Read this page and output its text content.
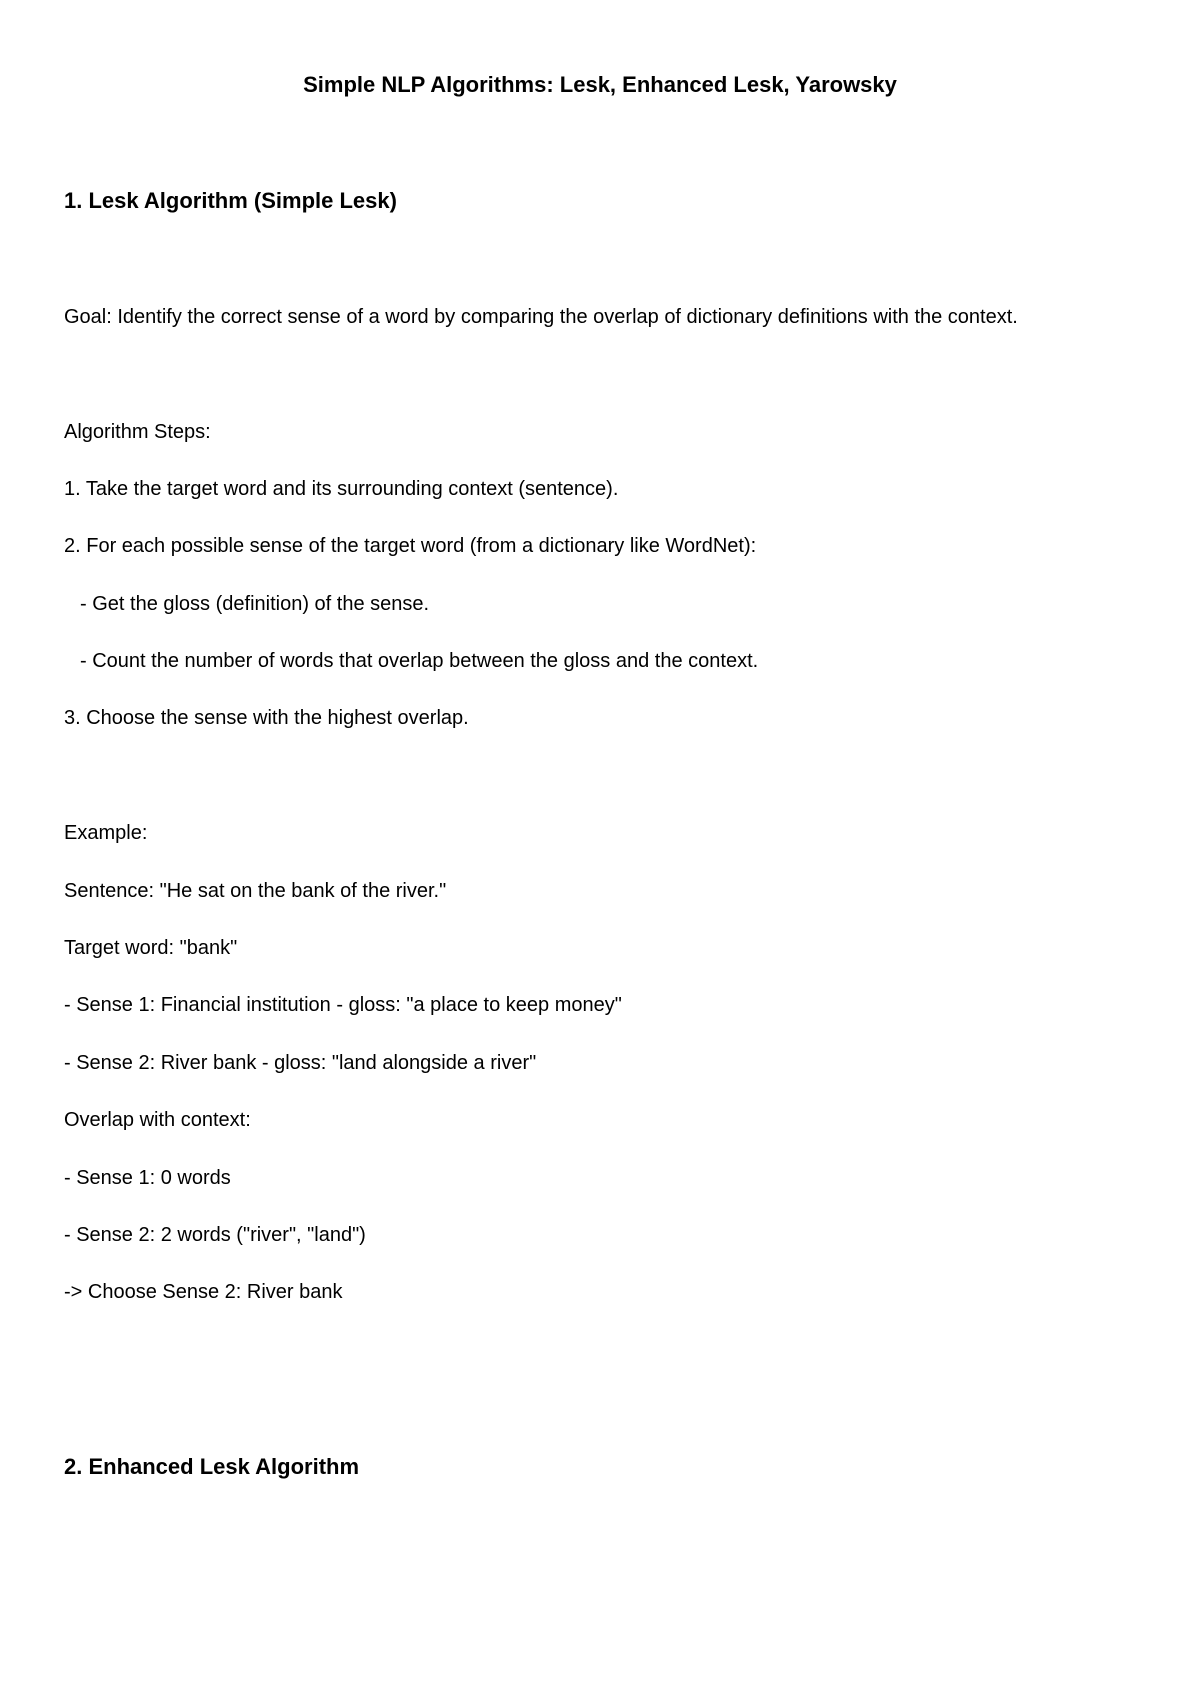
Simple NLP Algorithms: Lesk, Enhanced Lesk, Yarowsky
1. Lesk Algorithm (Simple Lesk)
Goal: Identify the correct sense of a word by comparing the overlap of dictionary definitions with the context.
Algorithm Steps:
1. Take the target word and its surrounding context (sentence).
2. For each possible sense of the target word (from a dictionary like WordNet):
- Get the gloss (definition) of the sense.
- Count the number of words that overlap between the gloss and the context.
3. Choose the sense with the highest overlap.
Example:
Sentence: "He sat on the bank of the river."
Target word: "bank"
- Sense 1: Financial institution - gloss: "a place to keep money"
- Sense 2: River bank - gloss: "land alongside a river"
Overlap with context:
- Sense 1: 0 words
- Sense 2: 2 words ("river", "land")
-> Choose Sense 2: River bank
2. Enhanced Lesk Algorithm
